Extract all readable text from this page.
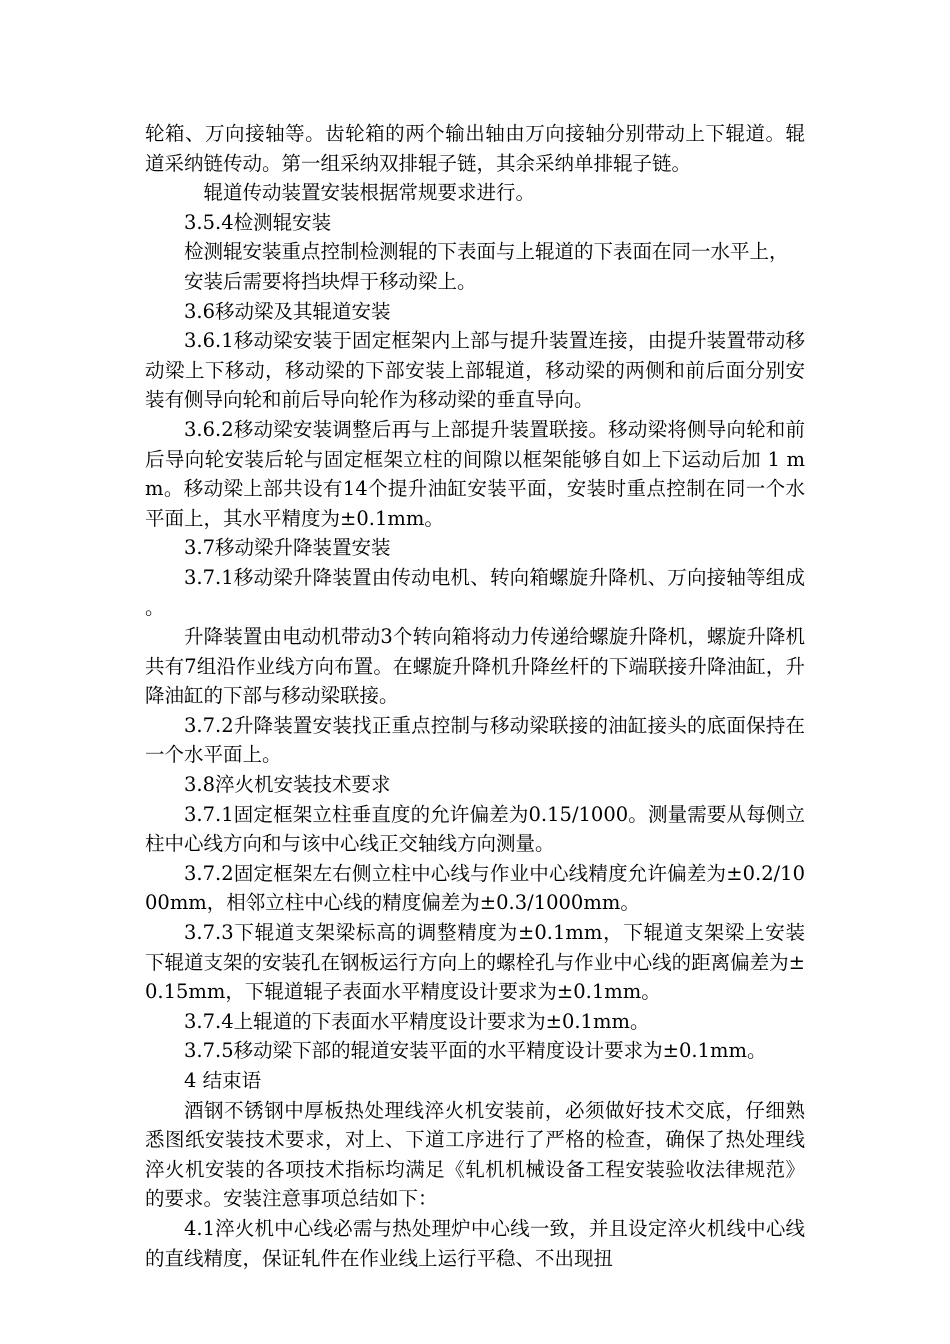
轮箱、万向接轴等。齿轮箱的两个输出轴由万向接轴分别带动上下辊道。辊道采纳链传动。第一组采纳双排辊子链，其余采纳单排辊子链。

辊道传动装置安装根据常规要求进行。

3.5.4检测辊安装

检测辊安装重点控制检测辊的下表面与上辊道的下表面在同一水平上，

安装后需要将挡块焊于移动梁上。

3.6移动梁及其辊道安装

3.6.1移动梁安装于固定框架内上部与提升装置连接，由提升装置带动移动梁上下移动，移动梁的下部安装上部辊道，移动梁的两侧和前后面分别安装有侧导向轮和前后导向轮作为移动梁的垂直导向。

3.6.2移动梁安装调整后再与上部提升装置联接。移动梁将侧导向轮和前后导向轮安装后轮与固定框架立柱的间隙以框架能够自如上下运动后加 1 mm。移动梁上部共设有14个提升油缸安装平面，安装时重点控制在同一个水平面上，其水平精度为±0.1mm。

3.7移动梁升降装置安装

3.7.1移动梁升降装置由传动电机、转向箱螺旋升降机、万向接轴等组成。

升降装置由电动机带动3个转向箱将动力传递给螺旋升降机，螺旋升降机共有7组沿作业线方向布置。在螺旋升降机升降丝杆的下端联接升降油缸，升降油缸的下部与移动梁联接。

3.7.2升降装置安装找正重点控制与移动梁联接的油缸接头的底面保持在一个水平面上。

3.8淬火机安装技术要求

3.7.1固定框架立柱垂直度的允许偏差为0.15/1000。测量需要从每侧立柱中心线方向和与该中心线正交轴线方向测量。

3.7.2固定框架左右侧立柱中心线与作业中心线精度允许偏差为±0.2/1000mm，相邻立柱中心线的精度偏差为±0.3/1000mm。

3.7.3下辊道支架梁标高的调整精度为±0.1mm，下辊道支架梁上安装下辊道支架的安装孔在钢板运行方向上的螺栓孔与作业中心线的距离偏差为±0.15mm，下辊道辊子表面水平精度设计要求为±0.1mm。

3.7.4上辊道的下表面水平精度设计要求为±0.1mm。

3.7.5移动梁下部的辊道安装平面的水平精度设计要求为±0.1mm。

4 结束语

酒钢不锈钢中厚板热处理线淬火机安装前，必须做好技术交底，仔细熟悉图纸安装技术要求，对上、下道工序进行了严格的检查，确保了热处理线淬火机安装的各项技术指标均满足《轧机机械设备工程安装验收法律规范》的要求。安装注意事项总结如下：

4.1淬火机中心线必需与热处理炉中心线一致，并且设定淬火机线中心线的直线精度，保证轧件在作业线上运行平稳、不出现扭
